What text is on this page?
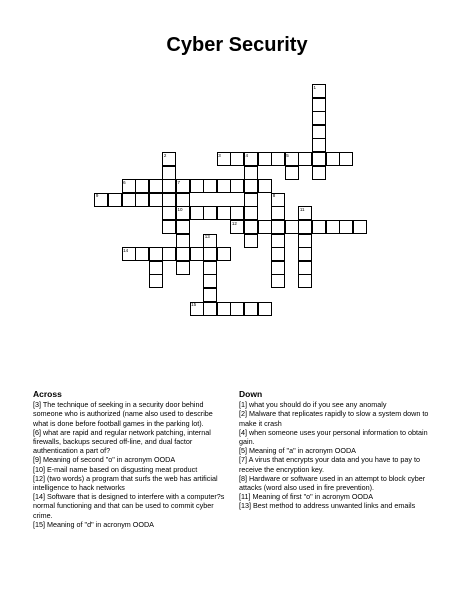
Cyber Security
1
2	3	4	5
6	7
8
9
10	11
12
13
14
15
Across
[3] The technique of seeking in a security door behind someone who is authorized (name also used to describe what is done before football games in the parking lot).
[6] what are rapid and regular network patching, internal firewalls, backups secured off-line, and dual factor authentication a part of?
[9] Meaning of second "o" in acronym OODA
[10] E-mail name based on disgusting meat product
[12] (two words) a program that surfs the web has artificial intelligence to hack networks
[14] Software that is designed to interfere with a computer?s normal functioning and that can be used to commit cyber crime.
[15] Meaning of "d" in acronym OODA
Down
[1] what you should do if you see any anomaly
[2] Malware that replicates rapidly to slow a system down to make it crash
[4] when someone uses your personal information to obtain gain.
[5] Meaning of "a" in acronym OODA
[7] A virus that encrypts your data and you have to pay to receive the encryption key.
[8] Hardware or software used in an attempt to block cyber attacks (word also used in fire prevention).
[11] Meaning of first "o" in acronym OODA
[13] Best method to address unwanted links and emails
